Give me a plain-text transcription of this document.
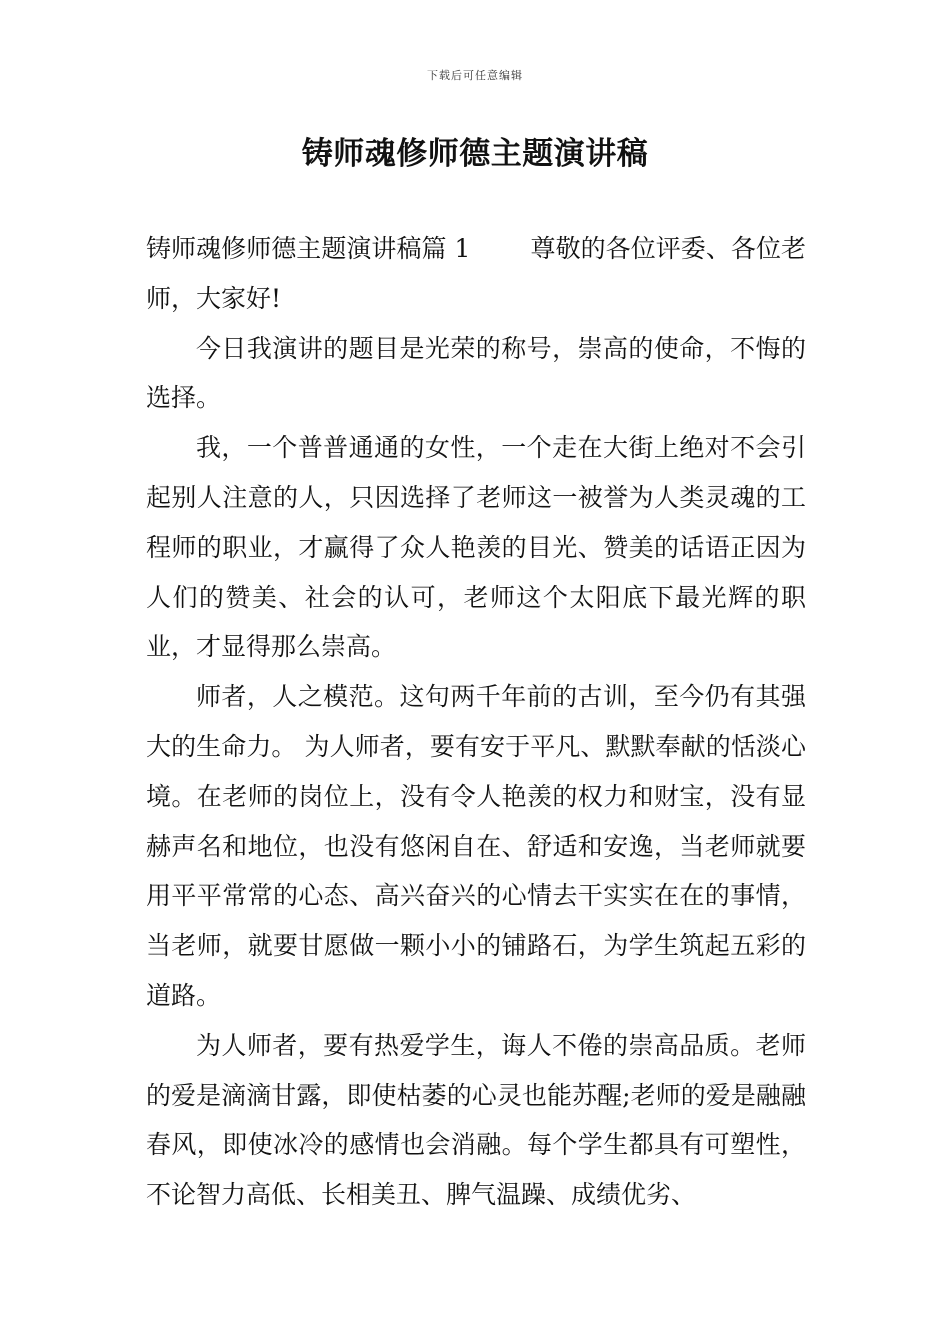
下载后可任意编辑
铸师魂修师德主题演讲稿

铸师魂修师德主题演讲稿篇 1 尊敬的各位评委、各位老师，大家好!

今日我演讲的题目是光荣的称号，崇高的使命，不悔的选择。

我，一个普普通通的女性，一个走在大街上绝对不会引起别人注意的人，只因选择了老师这一被誉为人类灵魂的工程师的职业，才赢得了众人艳羡的目光、赞美的话语正因为人们的赞美、社会的认可，老师这个太阳底下最光辉的职业，才显得那么崇高。

师者，人之模范。这句两千年前的古训，至今仍有其强大的生命力。 为人师者，要有安于平凡、默默奉献的恬淡心境。在老师的岗位上，没有令人艳羡的权力和财宝，没有显赫声名和地位，也没有悠闲自在、舒适和安逸，当老师就要用平平常常的心态、高兴奋兴的心情去干实实在在的事情，当老师，就要甘愿做一颗小小的铺路石，为学生筑起五彩的道路。

为人师者，要有热爱学生，诲人不倦的崇高品质。老师的爱是滴滴甘露，即使枯萎的心灵也能苏醒;老师的爱是融融春风，即使冰冷的感情也会消融。每个学生都具有可塑性，不论智力高低、长相美丑、脾气温躁、成绩优劣、
